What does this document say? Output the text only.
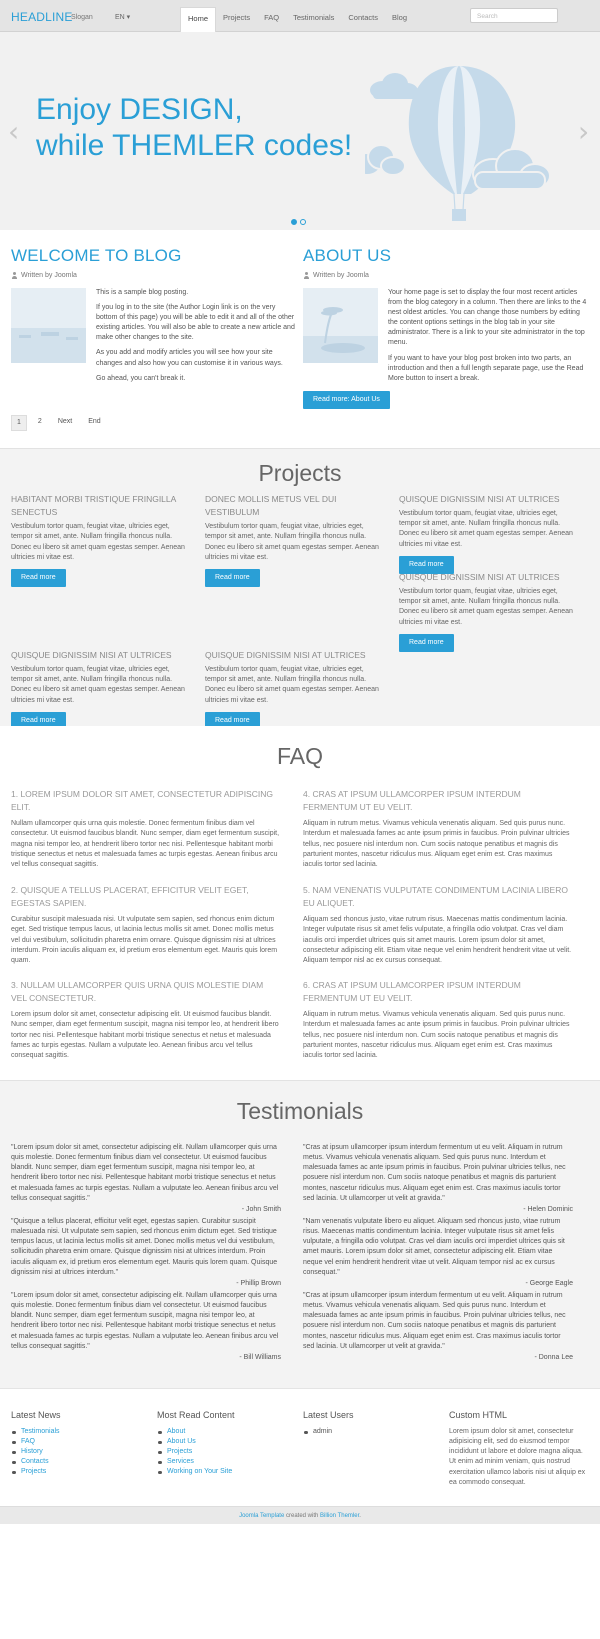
HEADLINE
Slogan	EN ▾	Home	Projects	FAQ	Testimonials	Contacts	Blog	Search
‹
Enjoy DESIGN,
while THEMLER codes!	›
WELCOME TO BLOG
Written by Joomla

This is a sample blog posting.

If you log in to the site (the Author Login link is on the very bottom of this page) you will be able to edit it and all of the other existing articles. You will also be able to create a new article and make other changes to the site.

As you add and modify articles you will see how your site changes and also how you can customise it in various ways.

Go ahead, you can't break it.

ABOUT US
Written by Joomla

Your home page is set to display the four most recent articles from the blog category in a column. Then there are links to the 4 nest oldest articles. You can change those numbers by editing the content options settings in the blog tab in your site administrator. There is a link to your site administrator in the top menu.

If you want to have your blog post broken into two parts, an introduction and then a full length separate page, use the Read More button to insert a break.

Read more: About Us
1	2	Next	End
Projects
HABITANT MORBI TRISTIQUE FRINGILLA SENECTUS

Vestibulum tortor quam, feugiat vitae, ultricies eget, tempor sit amet, ante. Nullam fringilla rhoncus nulla. Donec eu libero sit amet quam egestas semper. Aenean ultricies mi vitae est.

Read more
DONEC MOLLIS METUS VEL DUI VESTIBULUM

Vestibulum tortor quam, feugiat vitae, ultricies eget, tempor sit amet, ante. Nullam fringilla rhoncus nulla. Donec eu libero sit amet quam egestas semper. Aenean ultricies mi vitae est.

Read more
QUISQUE DIGNISSIM NISI AT ULTRICES

Vestibulum tortor quam, feugiat vitae, ultricies eget, tempor sit amet, ante. Nullam fringilla rhoncus nulla. Donec eu libero sit amet quam egestas semper. Aenean ultricies mi vitae est.

Read more
QUISQUE DIGNISSIM NISI AT ULTRICES

Vestibulum tortor quam, feugiat vitae, ultricies eget, tempor sit amet, ante. Nullam fringilla rhoncus nulla. Donec eu libero sit amet quam egestas semper. Aenean ultricies mi vitae est.

Read more
QUISQUE DIGNISSIM NISI AT ULTRICES

Vestibulum tortor quam, feugiat vitae, ultricies eget, tempor sit amet, ante. Nullam fringilla rhoncus nulla. Donec eu libero sit amet quam egestas semper. Aenean ultricies mi vitae est.

Read more
QUISQUE DIGNISSIM NISI AT ULTRICES

Vestibulum tortor quam, feugiat vitae, ultricies eget, tempor sit amet, ante. Nullam fringilla rhoncus nulla. Donec eu libero sit amet quam egestas semper. Aenean ultricies mi vitae est.

Read more
FAQ
1. LOREM IPSUM DOLOR SIT AMET, CONSECTETUR ADIPISCING ELIT.

Nullam ullamcorper quis urna quis molestie. Donec fermentum finibus diam vel consectetur. Ut euismod faucibus blandit. Nunc semper, diam eget fermentum suscipit, magna nisi tempor leo, at hendrerit libero tortor nec nisi. Pellentesque habitant morbi tristique senectus et netus et malesuada fames ac turpis egestas. Aenean finibus arcu vel tellus consequat sagittis.

2. QUISQUE A TELLUS PLACERAT, EFFICITUR VELIT EGET, EGESTAS SAPIEN.

Curabitur suscipit malesuada nisi. Ut vulputate sem sapien, sed rhoncus enim dictum eget. Sed tristique tempus lacus, ut lacinia lectus mollis sit amet. Donec mollis metus vel dui vestibulum, sollicitudin pharetra enim ornare. Quisque dignissim nisi at ultrices interdum. Proin iaculis aliquam ex, id pretium eros elementum eget. Mauris quis lorem quam.

3. NULLAM ULLAMCORPER QUIS URNA QUIS MOLESTIE DIAM VEL CONSECTETUR.

Lorem ipsum dolor sit amet, consectetur adipiscing elit. Ut euismod faucibus blandit. Nunc semper, diam eget fermentum suscipit, magna nisi tempor leo, at hendrerit libero tortor nec nisi. Pellentesque habitant morbi tristique senectus et netus et malesuada fames ac turpis egestas. Nullam a vulputate leo. Aenean finibus arcu vel tellus consequat sagittis.

4. CRAS AT IPSUM ULLAMCORPER IPSUM INTERDUM FERMENTUM UT EU VELIT.

Aliquam in rutrum metus. Vivamus vehicula venenatis aliquam. Sed quis purus nunc. Interdum et malesuada fames ac ante ipsum primis in faucibus. Proin pulvinar ultricies tellus, nec posuere nisl interdum non. Cum sociis natoque penatibus et magnis dis parturient montes, nascetur ridiculus mus. Aliquam eget enim est. Cras maximus iaculis tortor sed lacinia.

5. NAM VENENATIS VULPUTATE CONDIMENTUM LACINIA LIBERO EU ALIQUET.

Aliquam sed rhoncus justo, vitae rutrum risus. Maecenas mattis condimentum lacinia. Integer vulputate risus sit amet felis vulputate, a fringilla odio volutpat. Cras vel diam iaculis orci imperdiet ultrices quis sit amet mauris. Lorem ipsum dolor sit amet, consectetur adipiscing elit. Etiam vitae neque vel enim hendrerit hendrerit vitae ut velit. Aliquam tempor nisl ac ex cursus consequat.

6. CRAS AT IPSUM ULLAMCORPER IPSUM INTERDUM FERMENTUM UT EU VELIT.

Aliquam in rutrum metus. Vivamus vehicula venenatis aliquam. Sed quis purus nunc. Interdum et malesuada fames ac ante ipsum primis in faucibus. Proin pulvinar ultricies tellus, nec posuere nisl interdum non. Cum sociis natoque penatibus et magnis dis parturient montes, nascetur ridiculus mus. Aliquam eget enim est. Cras maximus iaculis tortor sed lacinia.

Testimonials

"Lorem ipsum dolor sit amet, consectetur adipiscing elit. Nullam ullamcorper quis urna quis molestie. Donec fermentum finibus diam vel consectetur. Ut euismod faucibus blandit. Nunc semper, diam eget fermentum suscipit, magna nisi tempor leo, at hendrerit libero tortor nec nisi. Pellentesque habitant morbi tristique senectus et netus et malesuada fames ac turpis egestas. Nullam a vulputate leo. Aenean finibus arcu vel tellus consequat sagittis."

- John Smith

"Quisque a tellus placerat, efficitur velit eget, egestas sapien. Curabitur suscipit malesuada nisi. Ut vulputate sem sapien, sed rhoncus enim dictum eget. Sed tristique tempus lacus, ut lacinia lectus mollis sit amet. Donec mollis metus vel dui vestibulum, sollicitudin pharetra enim ornare. Quisque dignissim nisi at ultrices interdum. Proin iaculis aliquam ex, id pretium eros elementum eget. Mauris quis lorem quam. Quisque dignissim nisi at ultrices interdum."

- Phillip Brown

"Lorem ipsum dolor sit amet, consectetur adipiscing elit. Nullam ullamcorper quis urna quis molestie. Donec fermentum finibus diam vel consectetur. Ut euismod faucibus blandit. Nunc semper, diam eget fermentum suscipit, magna nisi tempor leo, at hendrerit libero tortor nec nisi. Pellentesque habitant morbi tristique senectus et netus et malesuada fames ac turpis egestas. Nullam a vulputate leo. Aenean finibus arcu vel tellus consequat sagittis."

- Bill Williams

"Cras at ipsum ullamcorper ipsum interdum fermentum ut eu velit. Aliquam in rutrum metus. Vivamus vehicula venenatis aliquam. Sed quis purus nunc. Interdum et malesuada fames ac ante ipsum primis in faucibus. Proin pulvinar ultricies tellus, nec posuere nisl interdum non. Cum sociis natoque penatibus et magnis dis parturient montes, nascetur ridiculus mus. Aliquam eget enim est. Cras maximus iaculis tortor sed lacinia. Ut ullamcorper ut velit at gravida."

- Helen Dominic

"Nam venenatis vulputate libero eu aliquet. Aliquam sed rhoncus justo, vitae rutrum risus. Maecenas mattis condimentum lacinia. Integer vulputate risus sit amet felis vulputate, a fringilla odio volutpat. Cras vel diam iaculis orci imperdiet ultrices quis sit amet mauris. Lorem ipsum dolor sit amet, consectetur adipiscing elit. Etiam vitae neque vel enim hendrerit hendrerit vitae ut velit. Aliquam tempor nisl ac ex cursus consequat."

- George Eagle

"Cras at ipsum ullamcorper ipsum interdum fermentum ut eu velit. Aliquam in rutrum metus. Vivamus vehicula venenatis aliquam. Sed quis purus nunc. Interdum et malesuada fames ac ante ipsum primis in faucibus. Proin pulvinar ultricies tellus, nec posuere nisl interdum non. Cum sociis natoque penatibus et magnis dis parturient montes, nascetur ridiculus mus. Aliquam eget enim est. Cras maximus iaculis tortor sed lacinia. Ut ullamcorper ut velit at gravida."

- Donna Lee
Latest News
Testimonials
FAQ
History
Contacts
Projects
Most Read Content
About
About Us
Projects
Services
Working on Your Site
Latest Users
admin
Custom HTML

Lorem ipsum dolor sit amet, consectetur adipisicing elit, sed do eiusmod tempor incididunt ut labore et dolore magna aliqua. Ut enim ad minim veniam, quis nostrud exercitation ullamco laboris nisi ut aliquip ex ea commodo consequat.

Joomla Template created with Billion Themler.
